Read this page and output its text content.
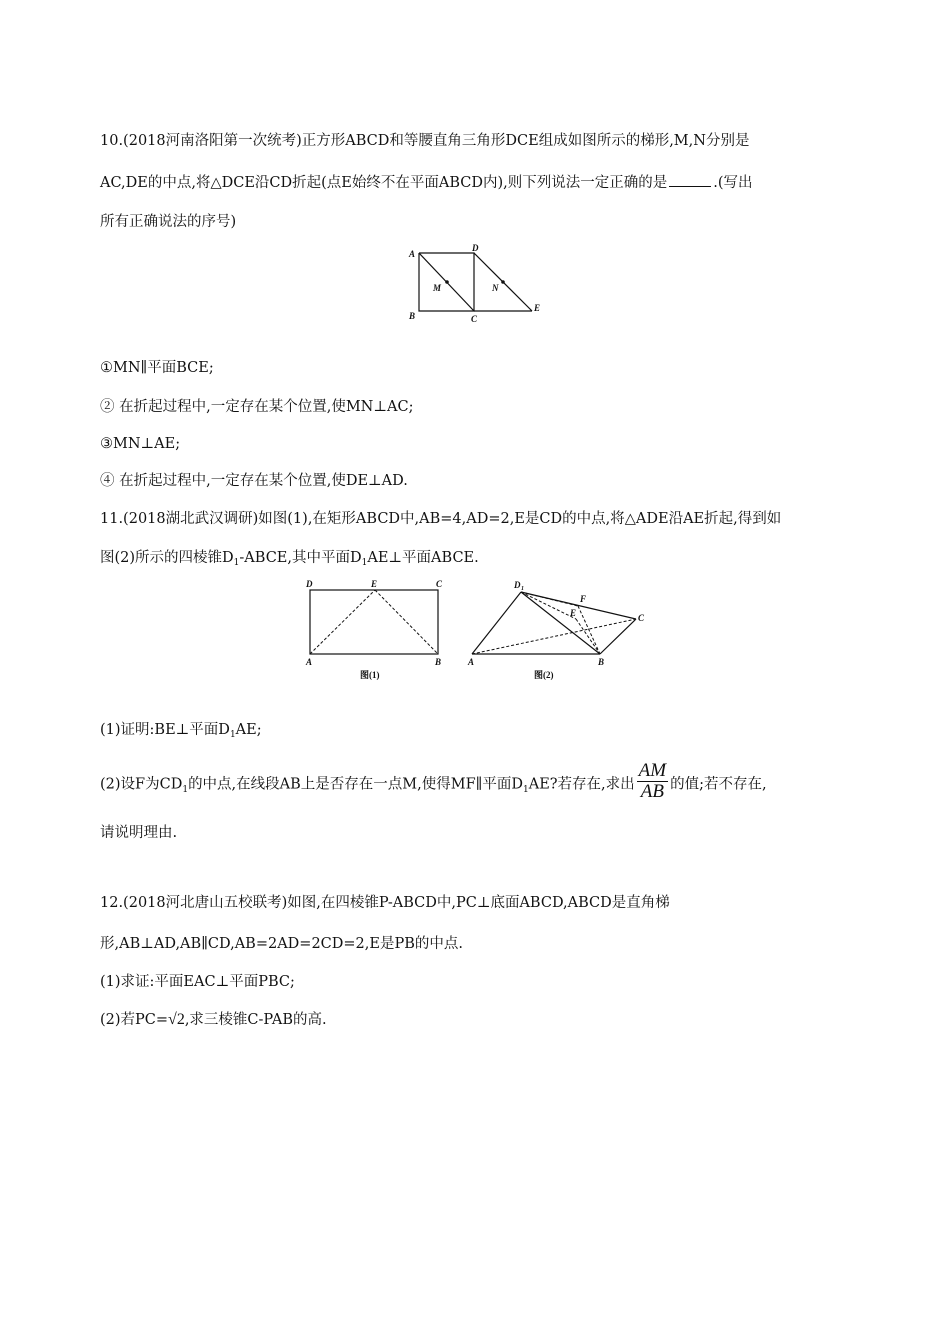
10.(2018河南洛阳第一次统考)正方形ABCD和等腰直角三角形DCE组成如图所示的梯形,M,N分别是
AC,DE的中点,将△DCE沿CD折起(点E始终不在平面ABCD内),则下列说法一定正确的是	.(写出
所有正确说法的序号)
A
B	C
D
E
M	N
①MN∥平面BCE;
② 在折起过程中,一定存在某个位置,使MN⊥AC;
③MN⊥AE;
④ 在折起过程中,一定存在某个位置,使DE⊥AD.
11.(2018湖北武汉调研)如图(1),在矩形ABCD中,AB=4,AD=2,E是CD的中点,将△ADE沿AE折起,得到如
图(2)所示的四棱锥$D_1$-ABCE,其中平面$D_1AE\perp$平面ABCE.
D	E	C
A	B
图(1)
D 1
F
E	C
A	B
图(2)
(1)证明:BE⊥平面$D_1AE$;
(2)设F为$CD_1$的中点,在线段AB上是否存在一点M,使得MF∥平面$D_1AE$?若存在,求出 $\frac{AM}{AB}$ 的值;若不存在,
请说明理由.
12.(2018河北唐山五校联考)如图,在四棱锥P-ABCD中,PC⊥底面ABCD,ABCD是直角梯
形,AB⊥AD,AB∥CD,AB=2AD=2CD=2,E是PB的中点.
(1)求证:平面EAC⊥平面PBC;
(2)若PC=√2,求三棱锥C-PAB的高.
